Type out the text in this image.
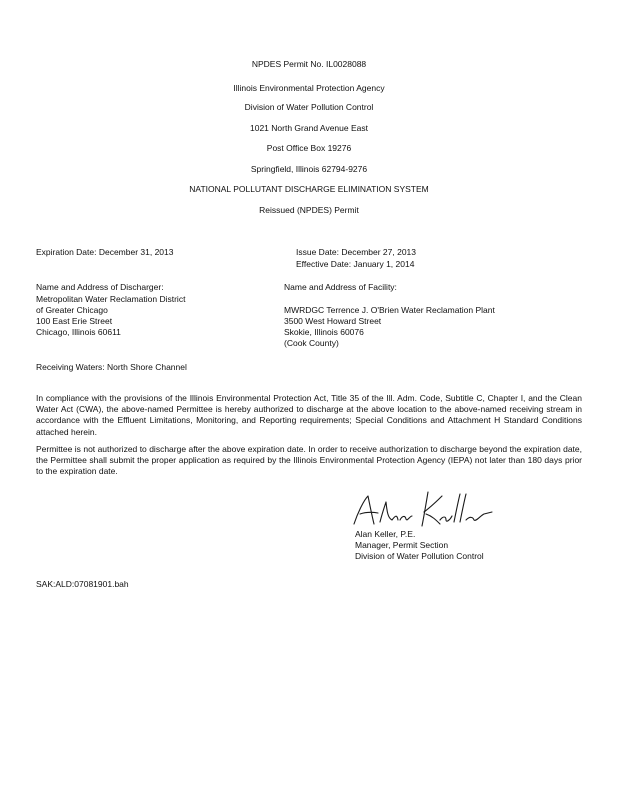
NPDES Permit No. IL0028088
Illinois Environmental Protection Agency
Division of Water Pollution Control
1021 North Grand Avenue East
Post Office Box 19276
Springfield, Illinois 62794-9276
NATIONAL POLLUTANT DISCHARGE ELIMINATION SYSTEM
Reissued (NPDES) Permit
Expiration Date: December 31, 2013	Issue Date: December 27, 2013
Effective Date: January 1, 2014
Name and Address of Discharger:
Metropolitan Water Reclamation District
of Greater Chicago
100 East Erie Street
Chicago, Illinois 60611
Name and Address of Facility:
MWRDGC Terrence J. O'Brien Water Reclamation Plant
3500 West Howard Street
Skokie, Illinois 60076
(Cook County)
Receiving Waters: North Shore Channel
In compliance with the provisions of the Illinois Environmental Protection Act, Title 35 of the Ill. Adm. Code, Subtitle C, Chapter I, and the Clean Water Act (CWA), the above-named Permittee is hereby authorized to discharge at the above location to the above-named receiving stream in accordance with the Effluent Limitations, Monitoring, and Reporting requirements; Special Conditions and Attachment H Standard Conditions attached herein.
Permittee is not authorized to discharge after the above expiration date. In order to receive authorization to discharge beyond the expiration date, the Permittee shall submit the proper application as required by the Illinois Environmental Protection Agency (IEPA) not later than 180 days prior to the expiration date.
Alan Keller, P.E.
Manager, Permit Section
Division of Water Pollution Control
SAK:ALD:07081901.bah
